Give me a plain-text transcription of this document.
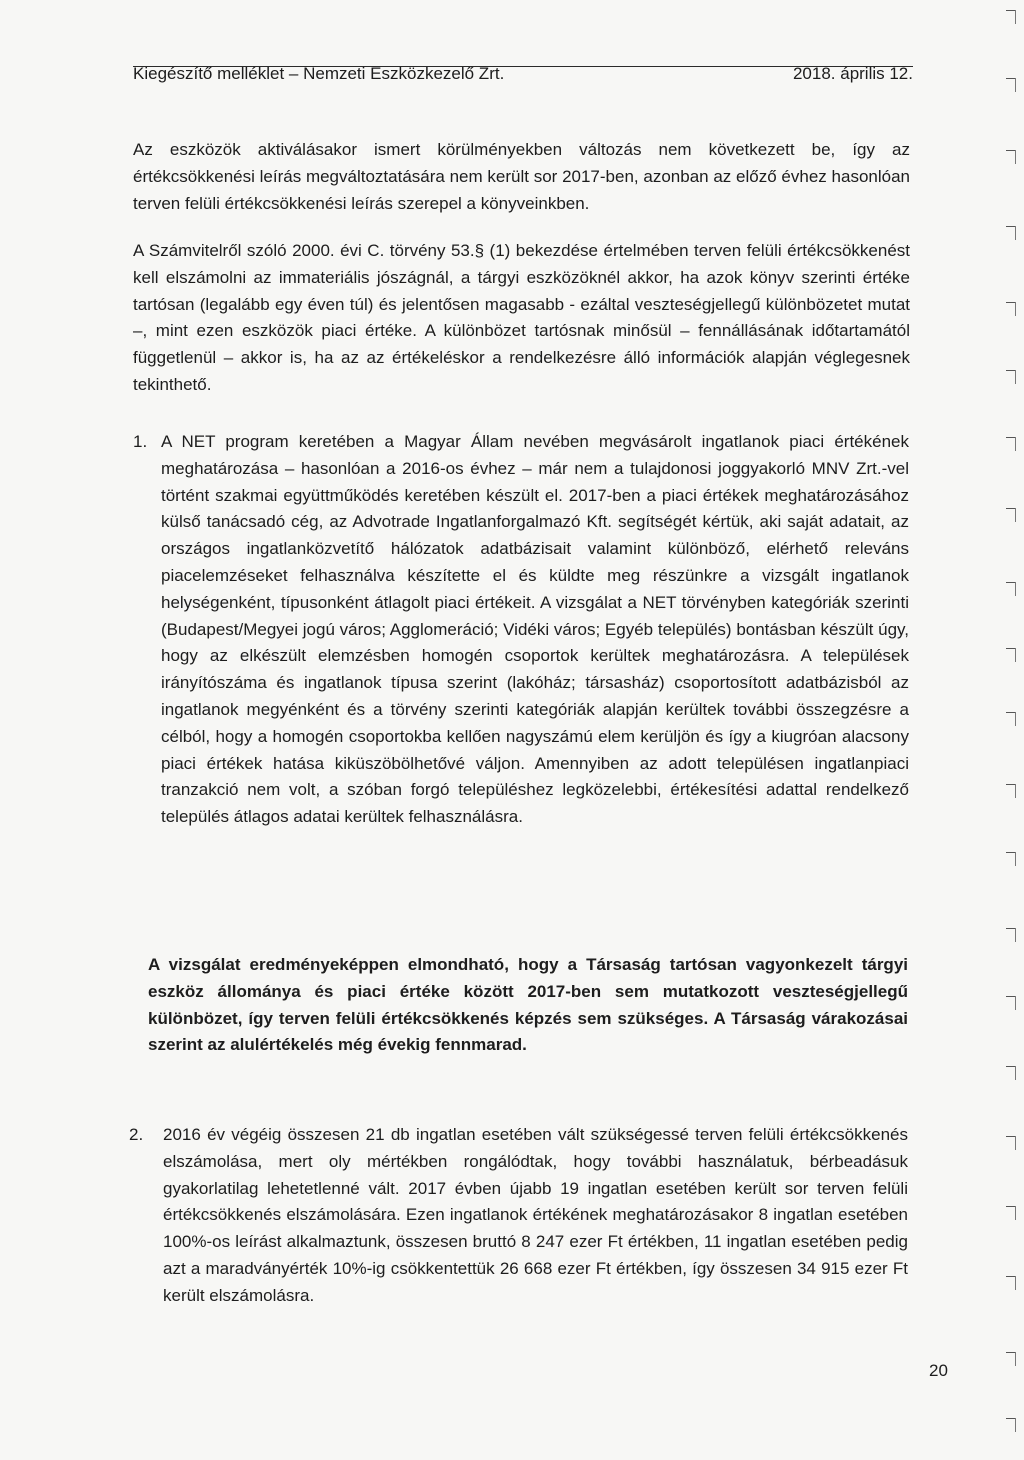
Kiegészítő melléklet – Nemzeti Eszközkezelő Zrt.	2018. április 12.
Az eszközök aktiválásakor ismert körülményekben változás nem következett be, így az értékcsökkenési leírás megváltoztatására nem került sor 2017-ben, azonban az előző évhez hasonlóan terven felüli értékcsökkenési leírás szerepel a könyveinkben.
A Számvitelről szóló 2000. évi C. törvény 53.§ (1) bekezdése értelmében terven felüli értékcsökkenést kell elszámolni az immateriális jószágnál, a tárgyi eszközöknél akkor, ha azok könyv szerinti értéke tartósan (legalább egy éven túl) és jelentősen magasabb - ezáltal veszteségjellegű különbözetet mutat –, mint ezen eszközök piaci értéke. A különbözet tartósnak minősül – fennállásának időtartamától függetlenül – akkor is, ha az az értékeléskor a rendelkezésre álló információk alapján véglegesnek tekinthető.
1. A NET program keretében a Magyar Állam nevében megvásárolt ingatlanok piaci értékének meghatározása – hasonlóan a 2016-os évhez – már nem a tulajdonosi joggyakorló MNV Zrt.-vel történt szakmai együttműködés keretében készült el. 2017-ben a piaci értékek meghatározásához külső tanácsadó cég, az Advotrade Ingatlanforgalmazó Kft. segítségét kértük, aki saját adatait, az országos ingatlanközvetítő hálózatok adatbázisait valamint különböző, elérhető releváns piacelemzéseket felhasználva készítette el és küldte meg részünkre a vizsgált ingatlanok helységenként, típusonként átlagolt piaci értékeit. A vizsgálat a NET törvényben kategóriák szerinti (Budapest/Megyei jogú város; Agglomeráció; Vidéki város; Egyéb település) bontásban készült úgy, hogy az elkészült elemzésben homogén csoportok kerültek meghatározásra. A települések irányítószáma és ingatlanok típusa szerint (lakóház; társasház) csoportosított adatbázisból az ingatlanok megyénként és a törvény szerinti kategóriák alapján kerültek további összegzésre a célból, hogy a homogén csoportokba kellően nagyszámú elem kerüljön és így a kiugróan alacsony piaci értékek hatása kiküszöbölhetővé váljon. Amennyiben az adott településen ingatlanpiaci tranzakció nem volt, a szóban forgó településhez legközelebbi, értékesítési adattal rendelkező település átlagos adatai kerültek felhasználásra.
A vizsgálat eredményeképpen elmondható, hogy a Társaság tartósan vagyonkezelt tárgyi eszköz állománya és piaci értéke között 2017-ben sem mutatkozott veszteségjellegű különbözet, így terven felüli értékcsökkenés képzés sem szükséges. A Társaság várakozásai szerint az alulértékelés még évekig fennmarad.
2. 2016 év végéig összesen 21 db ingatlan esetében vált szükségessé terven felüli értékcsökkenés elszámolása, mert oly mértékben rongálódtak, hogy további használatuk, bérbeadásuk gyakorlatilag lehetetlenné vált. 2017 évben újabb 19 ingatlan esetében került sor terven felüli értékcsökkenés elszámolására. Ezen ingatlanok értékének meghatározásakor 8 ingatlan esetében 100%-os leírást alkalmaztunk, összesen bruttó 8 247 ezer Ft értékben, 11 ingatlan esetében pedig azt a maradványérték 10%-ig csökkentettük 26 668 ezer Ft értékben, így összesen 34 915 ezer Ft került elszámolásra.
20
